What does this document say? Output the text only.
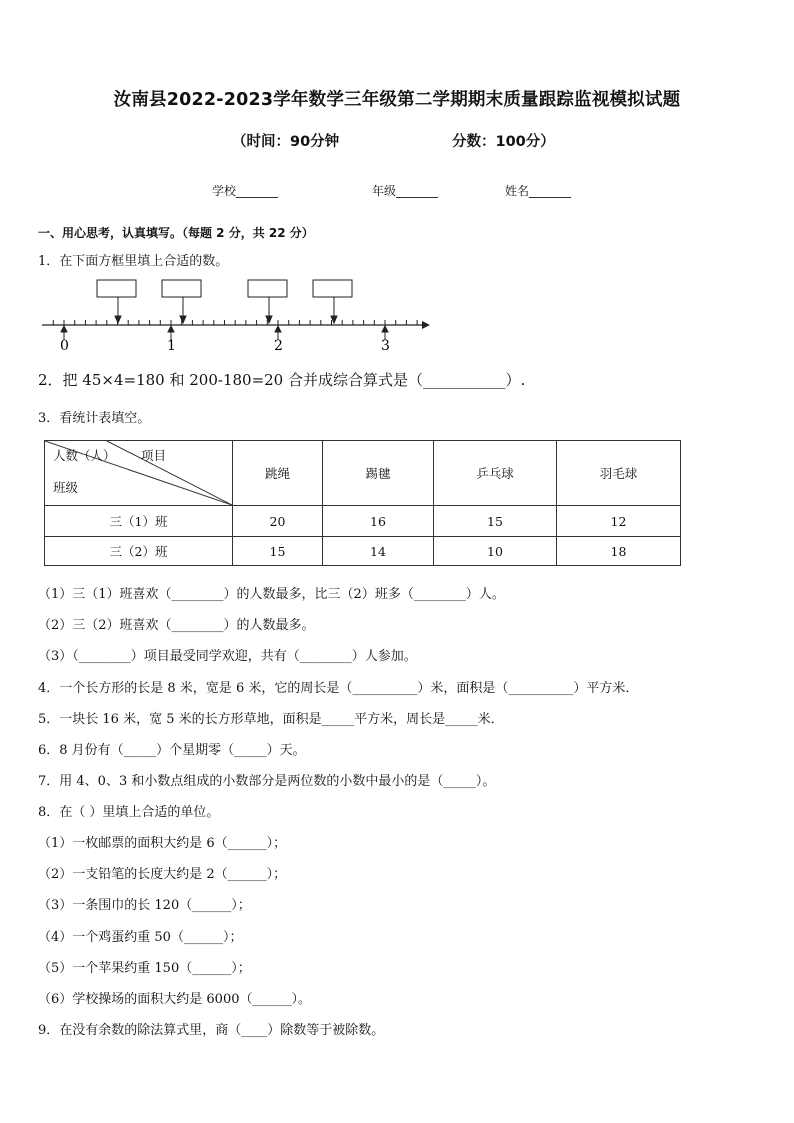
汝南县2022-2023学年数学三年级第二学期期末质量跟踪监视模拟试题
（时间：90分钟	分数：100分）
学校_______	年级_______	姓名_______
一、用心思考，认真填写。（每题 2 分，共 22 分）
1．在下面方框里填上合适的数。
0	1	2	3
2．把 45×4=180 和 200-180=20 合并成综合算式是（___________）.
3．看统计表填空。
人数（人） 项目
班级	跳绳	踢毽	乒乓球	羽毛球
三（1）班	20	16	15	12
三（2）班	15	14	10	18
（1）三（1）班喜欢（________）的人数最多，比三（2）班多（________）人。
（2）三（2）班喜欢（________）的人数最多。
（3）（________）项目最受同学欢迎，共有（________）人参加。
4．一个长方形的长是 8 米，宽是 6 米，它的周长是（__________）米，面积是（__________）平方米．
5．一块长 16 米，宽 5 米的长方形草地，面积是_____平方米，周长是_____米．
6．8 月份有（_____）个星期零（_____）天。
7．用 4、0、3 和小数点组成的小数部分是两位数的小数中最小的是（_____）。
8．在（ ）里填上合适的单位。
（1）一枚邮票的面积大约是 6（______）；
（2）一支铅笔的长度大约是 2（______）；
（3）一条围巾的长 120（______）；
（4）一个鸡蛋约重 50（______）；
（5）一个苹果约重 150（______）；
（6）学校操场的面积大约是 6000（______）。
9．在没有余数的除法算式里，商（____）除数等于被除数。
